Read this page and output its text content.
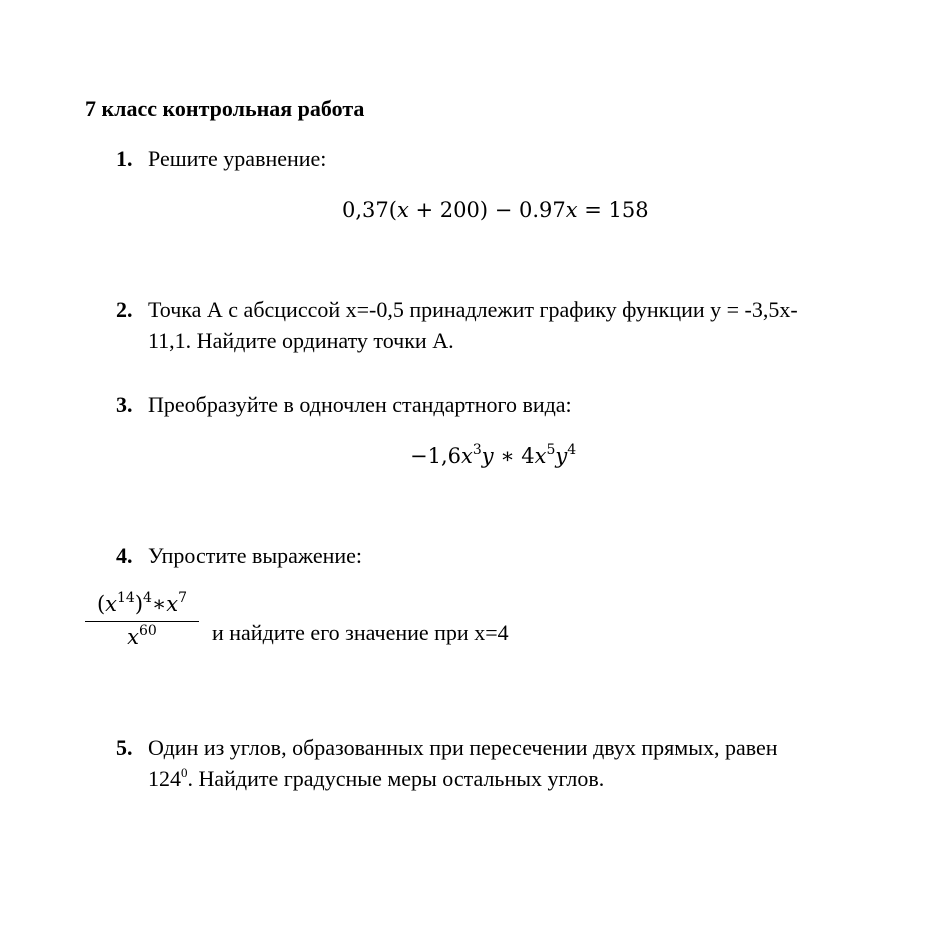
7 класс контрольная работа
1. Решите уравнение:
0,37(x + 200) − 0.97x = 158
2. Точка А с абсциссой х=-0,5 принадлежит графику функции у = -3,5х-
11,1. Найдите ординату точки А.
3. Преобразуйте в одночлен стандартного вида:
$-1,6x^3y$ ∗ $4x^5y^4$
4. Упростите выражение:
$\frac{(x^{14})^4∗x^7}{x^{60}}$ и найдите его значение при х=4
5. Один из углов, образованных при пересечении двух прямых, равен
$124^0$. Найдите градусные меры остальных углов.
